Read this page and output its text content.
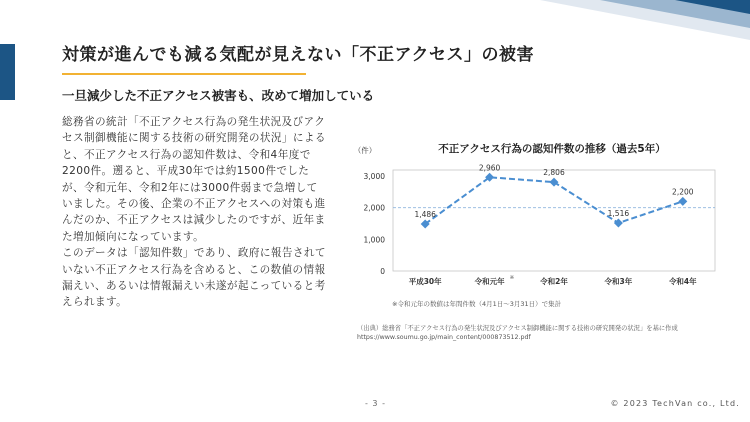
対策が進んでも減る気配が見えない「不正アクセス」の被害
一旦減少した不正アクセス被害も、改めて増加している

総務省の統計「不正アクセス行為の発生状況及びアクセス制御機能に関する技術の研究開発の状況」によると、不正アクセス行為の認知件数は、令和4年度で2200件。遡ると、平成30年では約1500件でしたが、令和元年、令和2年には3000件弱まで急増していました。その後、企業の不正アクセスへの対策も進んだのか、不正アクセスは減少したのですが、近年また増加傾向になっています。

このデータは「認知件数」であり、政府に報告されていない不正アクセス行為を含めると、この数値の情報漏えい、あるいは情報漏えい未遂が起こっていると考えられます。

不正アクセス行為の認知件数の推移（過去5年）
（件）
0
1,000
2,000
3,000
1,486
2,960
2,806
1,516
2,200
平成30年	令和元年	令和2年	令和3年	令和4年
※
※令和元年の数値は年間件数（4月1日〜3月31日）で集計
（出典）総務省「不正アクセス行為の発生状況及びアクセス制御機能に関する技術の研究開発の状況」を基に作成
https://www.soumu.go.jp/main_content/000873512.pdf
- 3 -	© 2023 TechVan co., Ltd.
